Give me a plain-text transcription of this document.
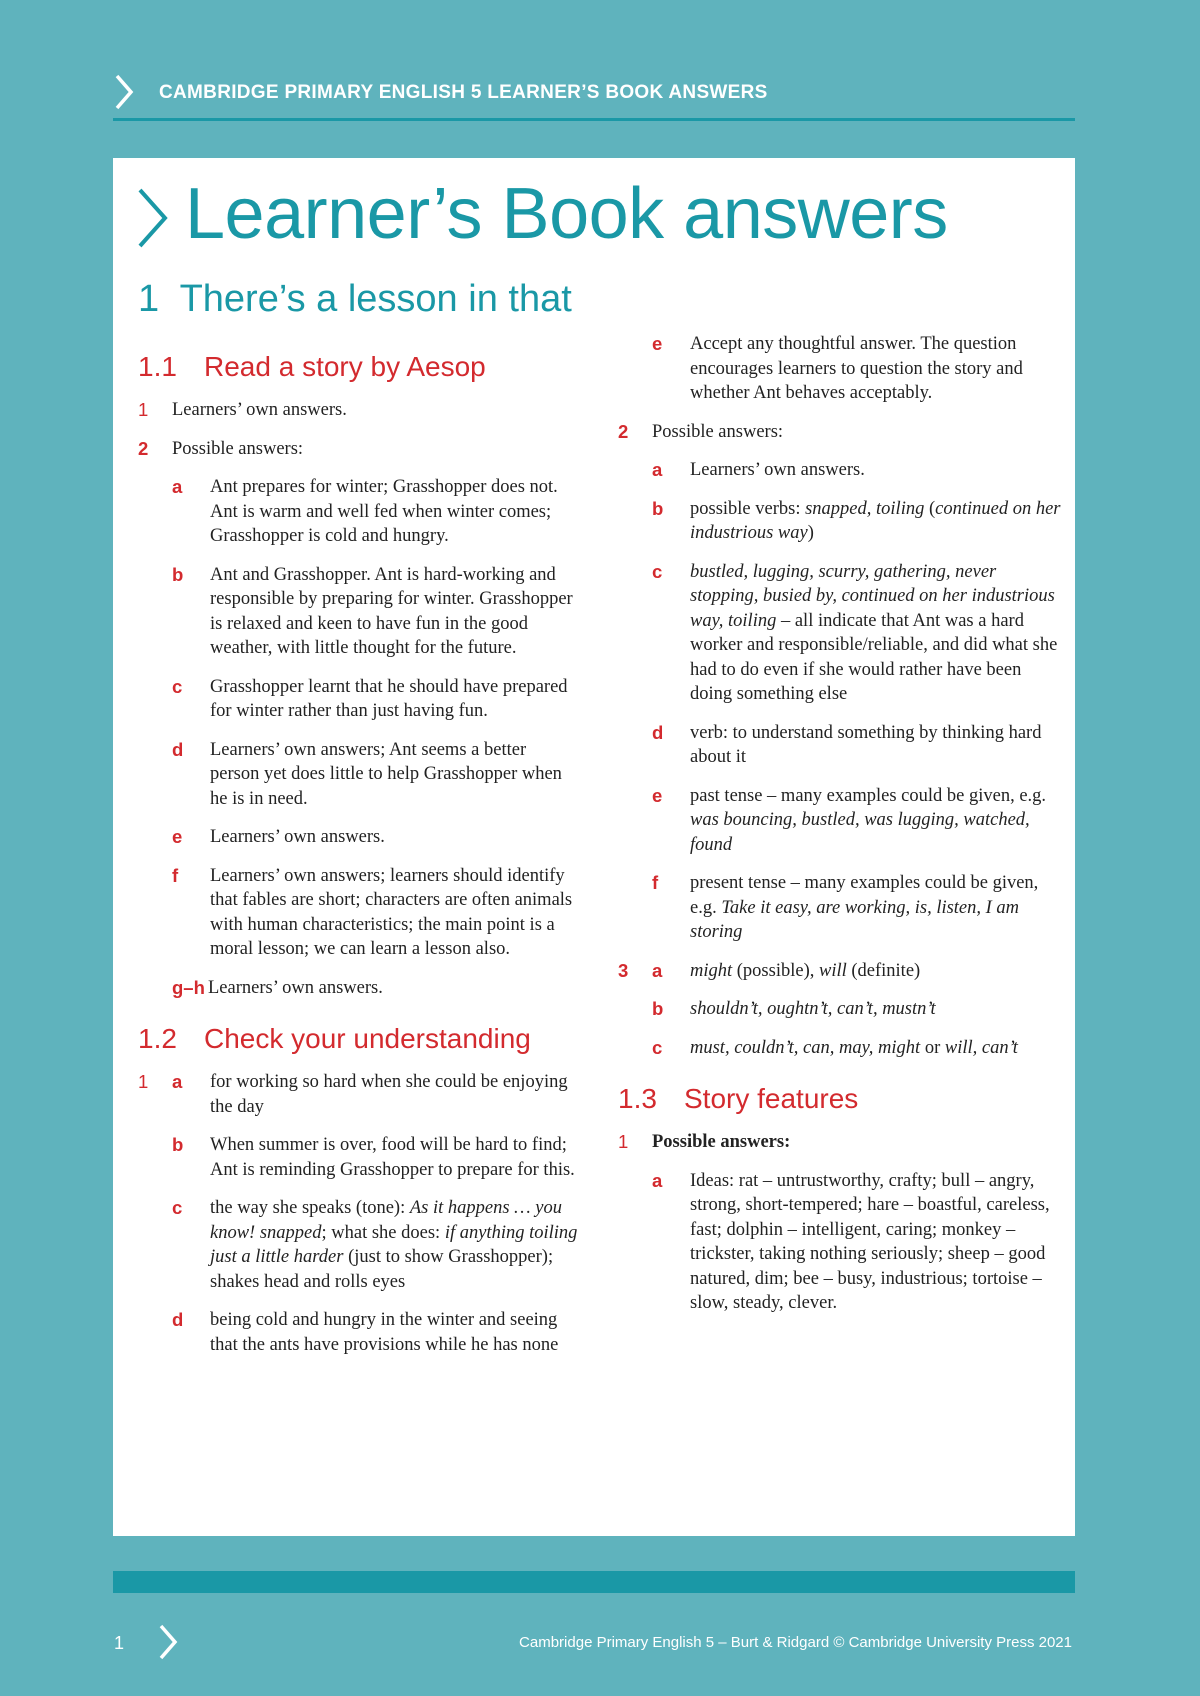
CAMBRIDGE PRIMARY ENGLISH 5 LEARNER’S BOOK ANSWERS
Learner’s Book answers
1 There’s a lesson in that
1.1 Read a story by Aesop
1	Learners’ own answers.
2	Possible answers:
a	Ant prepares for winter; Grasshopper does not. Ant is warm and well fed when winter comes; Grasshopper is cold and hungry.
b	Ant and Grasshopper. Ant is hard-working and responsible by preparing for winter. Grasshopper is relaxed and keen to have fun in the good weather, with little thought for the future.
c	Grasshopper learnt that he should have prepared for winter rather than just having fun.
d	Learners’ own answers; Ant seems a better person yet does little to help Grasshopper when he is in need.
e	Learners’ own answers.
f	Learners’ own answers; learners should identify that fables are short; characters are often animals with human characteristics; the main point is a moral lesson; we can learn a lesson also.
g–h Learners’ own answers.
1.2 Check your understanding
1 a	for working so hard when she could be enjoying the day
b	When summer is over, food will be hard to find; Ant is reminding Grasshopper to prepare for this.
c	the way she speaks (tone): As it happens … you know! snapped; what she does: if anything toiling just a little harder (just to show Grasshopper); shakes head and rolls eyes
d	being cold and hungry in the winter and seeing that the ants have provisions while he has none
e	Accept any thoughtful answer. The question encourages learners to question the story and whether Ant behaves acceptably.
2	Possible answers:
a	Learners’ own answers.
b	possible verbs: snapped, toiling (continued on her industrious way)
c	bustled, lugging, scurry, gathering, never stopping, busied by, continued on her industrious way, toiling – all indicate that Ant was a hard worker and responsible/reliable, and did what she had to do even if she would rather have been doing something else
d	verb: to understand something by thinking hard about it
e	past tense – many examples could be given, e.g. was bouncing, bustled, was lugging, watched, found
f	present tense – many examples could be given, e.g. Take it easy, are working, is, listen, I am storing
3 a	might (possible), will (definite)
b	shouldn’t, oughtn’t, can’t, mustn’t
c	must, couldn’t, can, may, might or will, can’t
1.3 Story features
1	Possible answers:
a	Ideas: rat – untrustworthy, crafty; bull – angry, strong, short-tempered; hare – boastful, careless, fast; dolphin – intelligent, caring; monkey – trickster, taking nothing seriously; sheep – good natured, dim; bee – busy, industrious; tortoise – slow, steady, clever.
1	Cambridge Primary English 5 – Burt & Ridgard © Cambridge University Press 2021
